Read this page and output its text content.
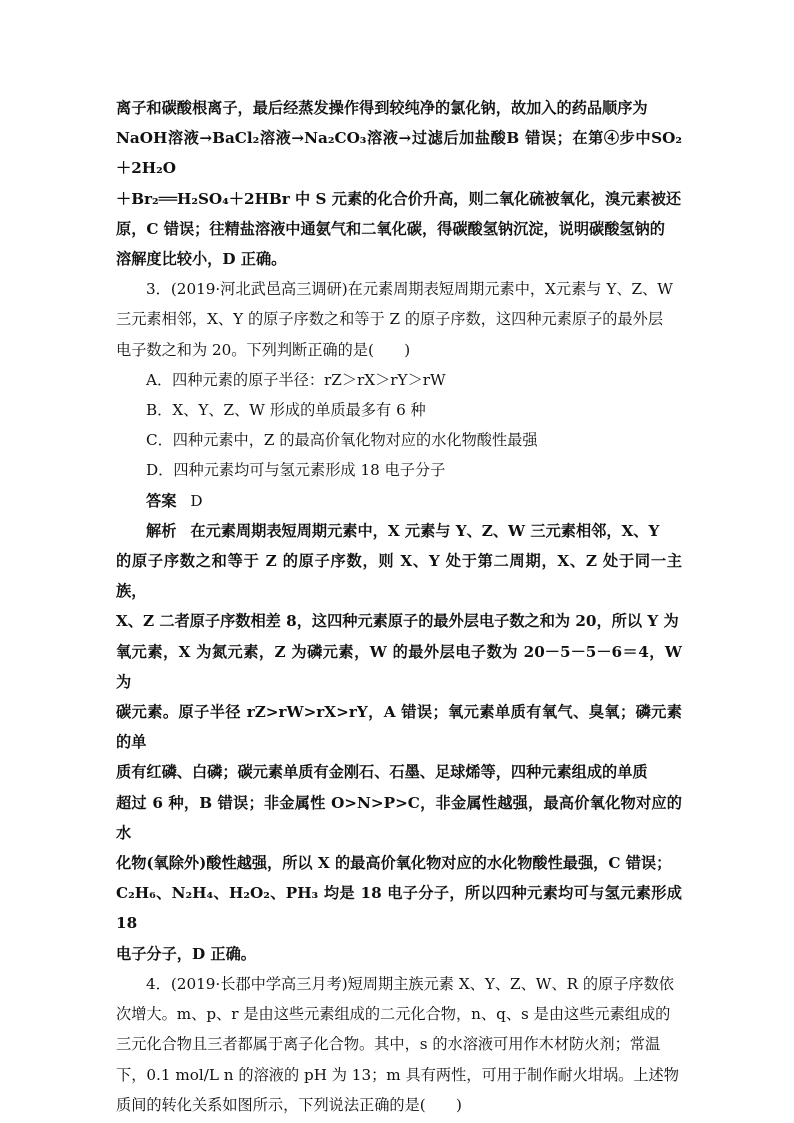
离子和碳酸根离子，最后经蒸发操作得到较纯净的氯化钠，故加入的药品顺序为

NaOH溶液→BaCl₂溶液→Na₂CO₃溶液→过滤后加盐酸B 错误；在第④步中SO₂＋2H₂O

＋Br₂══H₂SO₄＋2HBr 中 S 元素的化合价升高，则二氧化硫被氧化，溴元素被还

原，C 错误；往精盐溶液中通氨气和二氧化碳，得碳酸氢钠沉淀，说明碳酸氢钠的

溶解度比较小，D 正确。

3．(2019·河北武邑高三调研)在元素周期表短周期元素中，X元素与 Y、Z、W

三元素相邻，X、Y 的原子序数之和等于 Z 的原子序数，这四种元素原子的最外层

电子数之和为 20。下列判断正确的是(　　)

A．四种元素的原子半径：rZ＞rX＞rY＞rW

B．X、Y、Z、W 形成的单质最多有 6 种

C．四种元素中，Z 的最高价氧化物对应的水化物酸性最强

D．四种元素均可与氢元素形成 18 电子分子

答案 D

解析 在元素周期表短周期元素中，X 元素与 Y、Z、W 三元素相邻，X、Y

的原子序数之和等于 Z 的原子序数，则 X、Y 处于第二周期，X、Z 处于同一主族，

X、Z 二者原子序数相差 8，这四种元素原子的最外层电子数之和为 20，所以 Y 为

氧元素，X 为氮元素，Z 为磷元素，W 的最外层电子数为 20－5－5－6＝4，W 为

碳元素。原子半径 rZ>rW>rX>rY，A 错误；氧元素单质有氧气、臭氧；磷元素的单

质有红磷、白磷；碳元素单质有金刚石、石墨、足球烯等，四种元素组成的单质

超过 6 种，B 错误；非金属性 O>N>P>C，非金属性越强，最高价氧化物对应的水

化物(氧除外)酸性越强，所以 X 的最高价氧化物对应的水化物酸性最强，C 错误；

C₂H₆、N₂H₄、H₂O₂、PH₃ 均是 18 电子分子，所以四种元素均可与氢元素形成 18

电子分子，D 正确。

4．(2019·长郡中学高三月考)短周期主族元素 X、Y、Z、W、R 的原子序数依

次增大。m、p、r 是由这些元素组成的二元化合物，n、q、s 是由这些元素组成的

三元化合物且三者都属于离子化合物。其中，s 的水溶液可用作木材防火剂；常温

下，0.1 mol/L n 的溶液的 pH 为 13；m 具有两性，可用于制作耐火坩埚。上述物

质间的转化关系如图所示，下列说法正确的是(　　)
